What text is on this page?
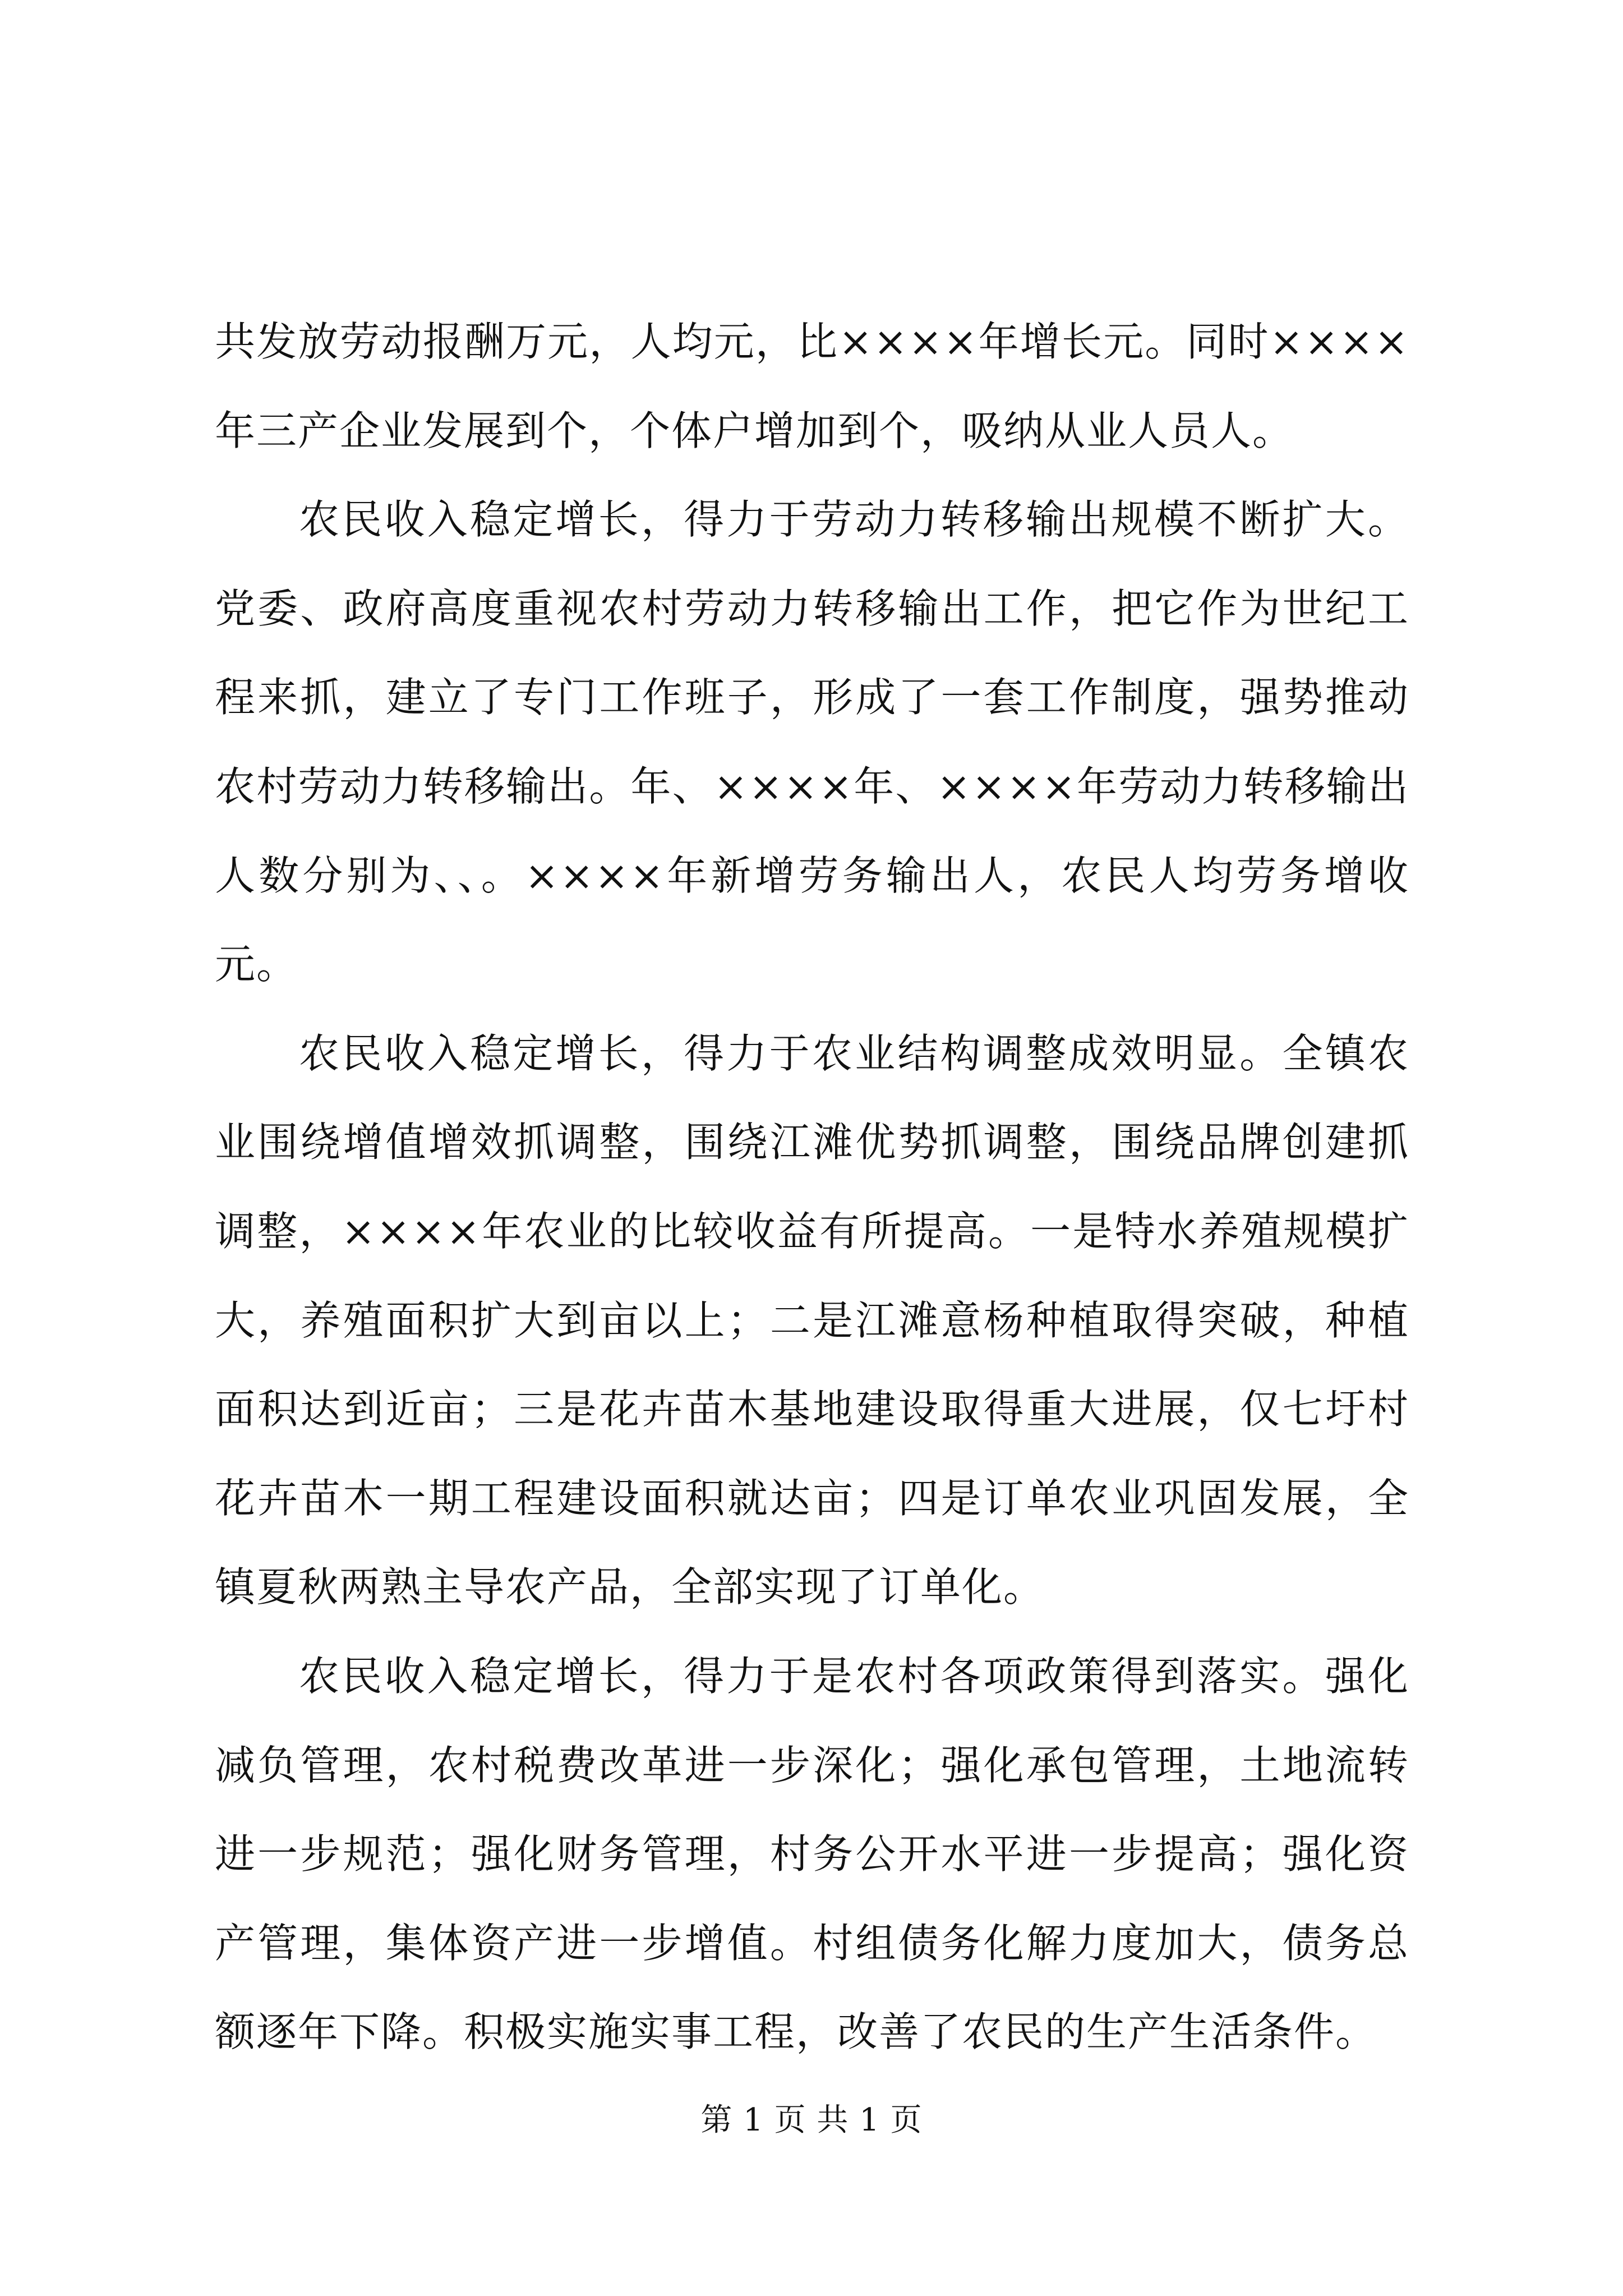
共发放劳动报酬万元，人均元，比××××年增长元。同时××××年三产企业发展到个，个体户增加到个，吸纳从业人员人。

农民收入稳定增长，得力于劳动力转移输出规模不断扩大。党委、政府高度重视农村劳动力转移输出工作，把它作为世纪工程来抓，建立了专门工作班子，形成了一套工作制度，强势推动农村劳动力转移输出。年、××××年、××××年劳动力转移输出人数分别为、、。××××年新增劳务输出人，农民人均劳务增收元。

农民收入稳定增长，得力于农业结构调整成效明显。全镇农业围绕增值增效抓调整，围绕江滩优势抓调整，围绕品牌创建抓调整，××××年农业的比较收益有所提高。一是特水养殖规模扩大，养殖面积扩大到亩以上；二是江滩意杨种植取得突破，种植面积达到近亩；三是花卉苗木基地建设取得重大进展，仅七圩村花卉苗木一期工程建设面积就达亩；四是订单农业巩固发展，全镇夏秋两熟主导农产品，全部实现了订单化。

农民收入稳定增长，得力于是农村各项政策得到落实。强化减负管理，农村税费改革进一步深化；强化承包管理，土地流转进一步规范；强化财务管理，村务公开水平进一步提高；强化资产管理，集体资产进一步增值。村组债务化解力度加大，债务总额逐年下降。积极实施实事工程，改善了农民的生产生活条件。

第 1 页 共 1 页
